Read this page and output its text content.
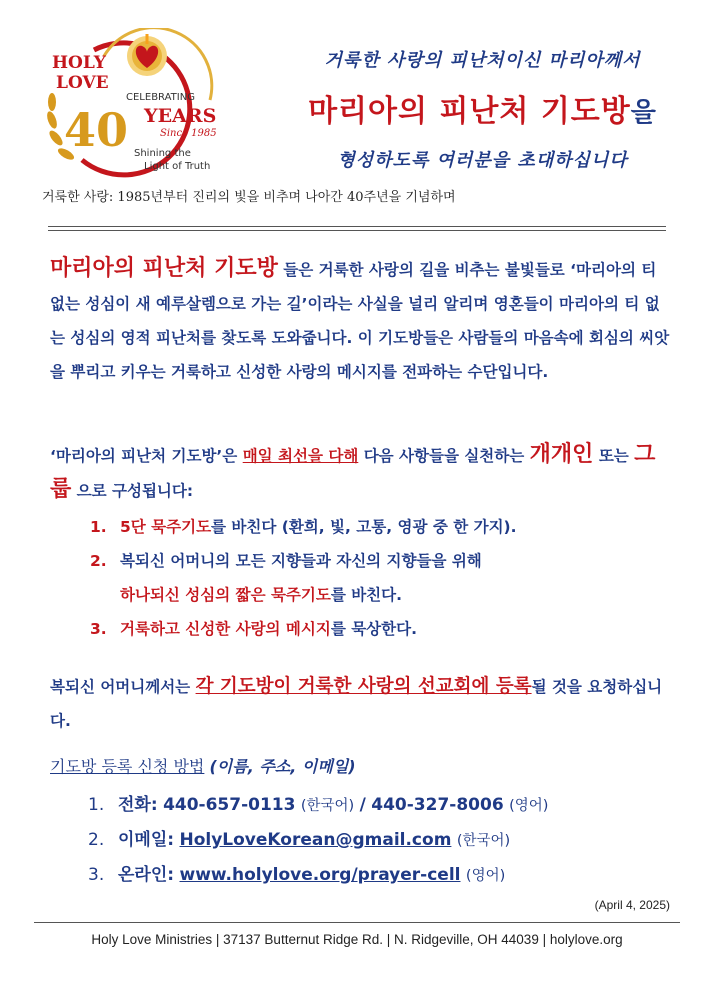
HOLY
LOVE
CELEBRATING
40 YEARS
Since 1985
Shining the
Light of Truth
거룩한 사랑의 피난처이신 마리아께서
마리아의 피난처 기도방을
형성하도록 여러분을 초대하십니다
거룩한 사랑: 1985년부터 진리의 빛을 비추며 나아간 40주년을 기념하며
마리아의 피난처 기도방 들은 거룩한 사랑의 길을 비추는 불빛들로 ‘마리아의 티 없는 성심이 새 예루살렘으로 가는 길’이라는 사실을 널리 알리며 영혼들이 마리아의 티 없는 성심의 영적 피난처를 찾도록 도와줍니다. 이 기도방들은 사람들의 마음속에 회심의 씨앗을 뿌리고 키우는 거룩하고 신성한 사랑의 메시지를 전파하는 수단입니다.
‘마리아의 피난처 기도방’은 매일 최선을 다해 다음 사항들을 실천하는 개개인 또는 그룹 으로 구성됩니다:
1. 5단 묵주기도를 바친다 (환희, 빛, 고통, 영광 중 한 가지).
2. 복되신 어머니의 모든 지향들과 자신의 지향들을 위해
하나되신 성심의 짧은 묵주기도를 바친다.
3. 거룩하고 신성한 사랑의 메시지를 묵상한다.
복되신 어머니께서는 각 기도방이 거룩한 사랑의 선교회에 등록될 것을 요청하십니다.
기도방 등록 신청 방법 (이름, 주소, 이메일)
1. 전화: 440-657-0113 (한국어) / 440-327-8006 (영어)
2. 이메일: HolyLoveKorean@gmail.com (한국어)
3. 온라인: www.holylove.org/prayer-cell (영어)
(April 4, 2025)
Holy Love Ministries | 37137 Butternut Ridge Rd. | N. Ridgeville, OH 44039 | holylove.org
